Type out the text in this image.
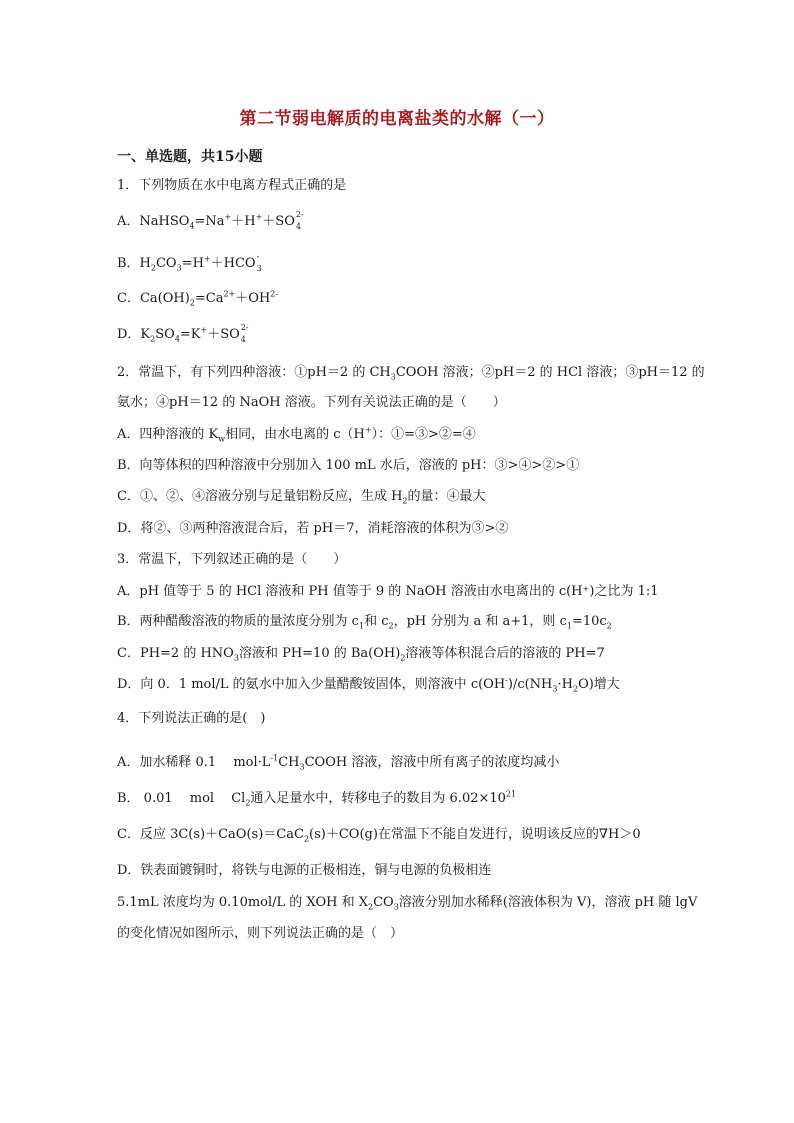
第二节弱电解质的电离盐类的水解（一）
一、单选题，共15小题
1．下列物质在水中电离方程式正确的是
A．NaHSO$_4$=Na+＋H+＋SO 2-
4
B．$H_2CO_3=H^++HCO$ -
3
C．$Ca(OH)_2=Ca^{2+}+OH^{2-}$
D．$K_2SO_4=K^++SO$ 2-
4
2．常温下，有下列四种溶液：①pH＝2 的 $CH_3COOH$ 溶液；②pH＝2 的 HCl 溶液；③pH＝12 的
氨水；④pH＝12 的 NaOH 溶液。下列有关说法正确的是（　　）
A．四种溶液的 $K_w$相同，由水电离的 c（H+）：①=③>②=④
B．向等体积的四种溶液中分别加入 100 mL 水后，溶液的 pH：③>④>②>①
C．①、②、④溶液分别与足量铝粉反应，生成 $H_2$的量：④最大
D．将②、③两种溶液混合后，若 pH＝7，消耗溶液的体积为③>②
3．常温下，下列叙述正确的是（　　）
A．pH 值等于 5 的 HCl 溶液和 PH 值等于 9 的 NaOH 溶液由水电离出的 c(H⁺)之比为 1:1
B．两种醋酸溶液的物质的量浓度分别为 $c_1$和 $c_2$，pH 分别为 a 和 a+1，则 $c_1=10c_2$
C．PH=2 的 $HNO_3$溶液和 PH=10 的 $Ba(OH)_2$溶液等体积混合后的溶液的 PH=7
D．向 0．1 mol/L 的氨水中加入少量醋酸铵固体，则溶液中 $c(OH^-)/c(NH_3\cdot H_2O)$增大
4．下列说法正确的是(　)
A．加水稀释 0.1　 $mol\cdot L^{-1}CH_3COOH$ 溶液，溶液中所有离子的浓度均减小
B． 0.01　 mol　 $Cl_2$通入足量水中，转移电子的数目为 $6.02\times 10^{21}$
C．反应 3C(s)＋CaO(s)＝CaC$_2$(s)＋CO(g)在常温下不能自发进行，说明该反应的∇H＞0
D．铁表面镀铜时，将铁与电源的正极相连，铜与电源的负极相连
5.1mL 浓度均为 0.10mol/L 的 XOH 和 $X_2CO_3$溶液分别加水稀释(溶液体积为 V)，溶液 pH 随 lgV
的变化情况如图所示，则下列说法正确的是（　）
